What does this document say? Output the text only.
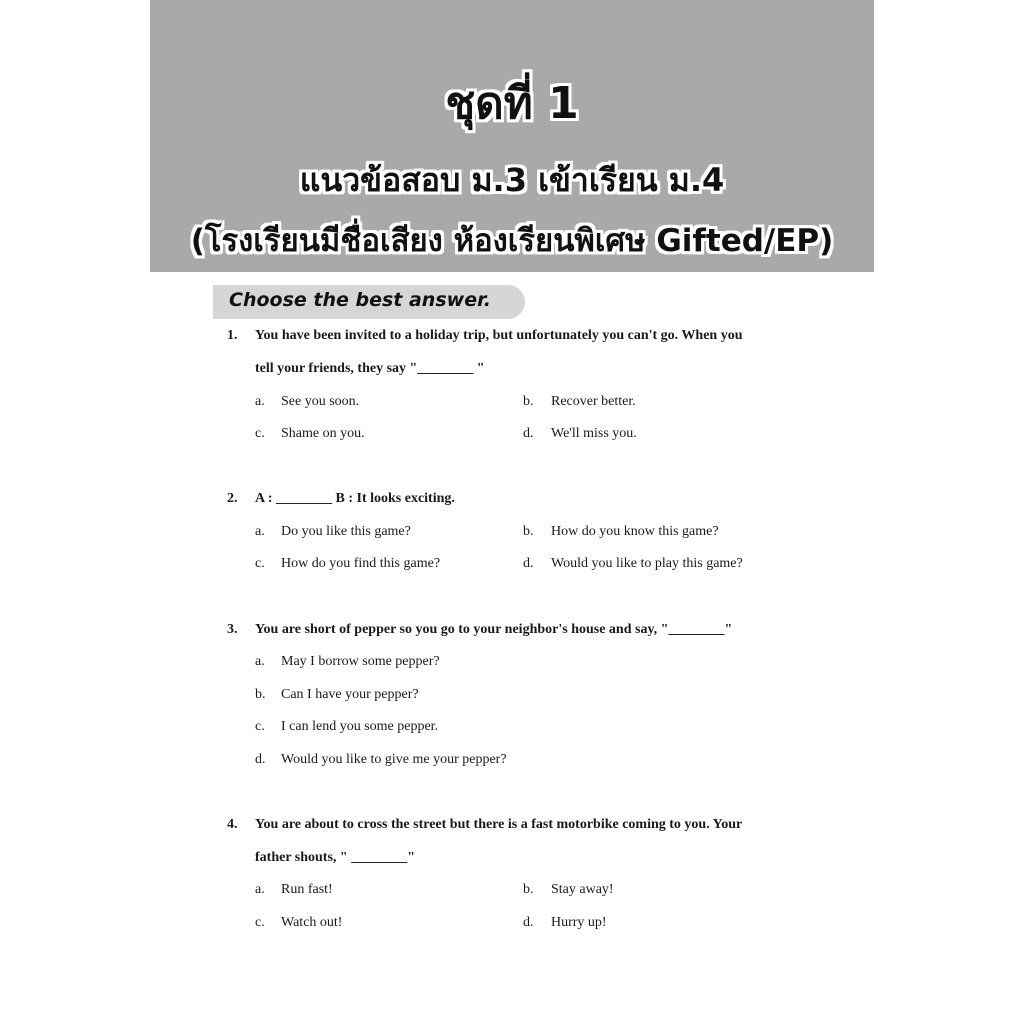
ชุดที่ 1
แนวข้อสอบ ม.3 เข้าเรียน ม.4
(โรงเรียนมีชื่อเสียง ห้องเรียนพิเศษ Gifted/EP)
Choose the best answer.
1. You have been invited to a holiday trip, but unfortunately you can't go. When you
tell your friends, they say "________ "
a. See you soon.	b. Recover better.
c. Shame on you.	d. We'll miss you.
2. A : ________ B : It looks exciting.
a. Do you like this game?	b. How do you know this game?
c. How do you find this game?	d. Would you like to play this game?
3. You are short of pepper so you go to your neighbor's house and say, "________"
a. May I borrow some pepper?
b. Can I have your pepper?
c. I can lend you some pepper.
d. Would you like to give me your pepper?
4. You are about to cross the street but there is a fast motorbike coming to you. Your
father shouts, " ________"
a. Run fast!	b. Stay away!
c. Watch out!	d. Hurry up!
